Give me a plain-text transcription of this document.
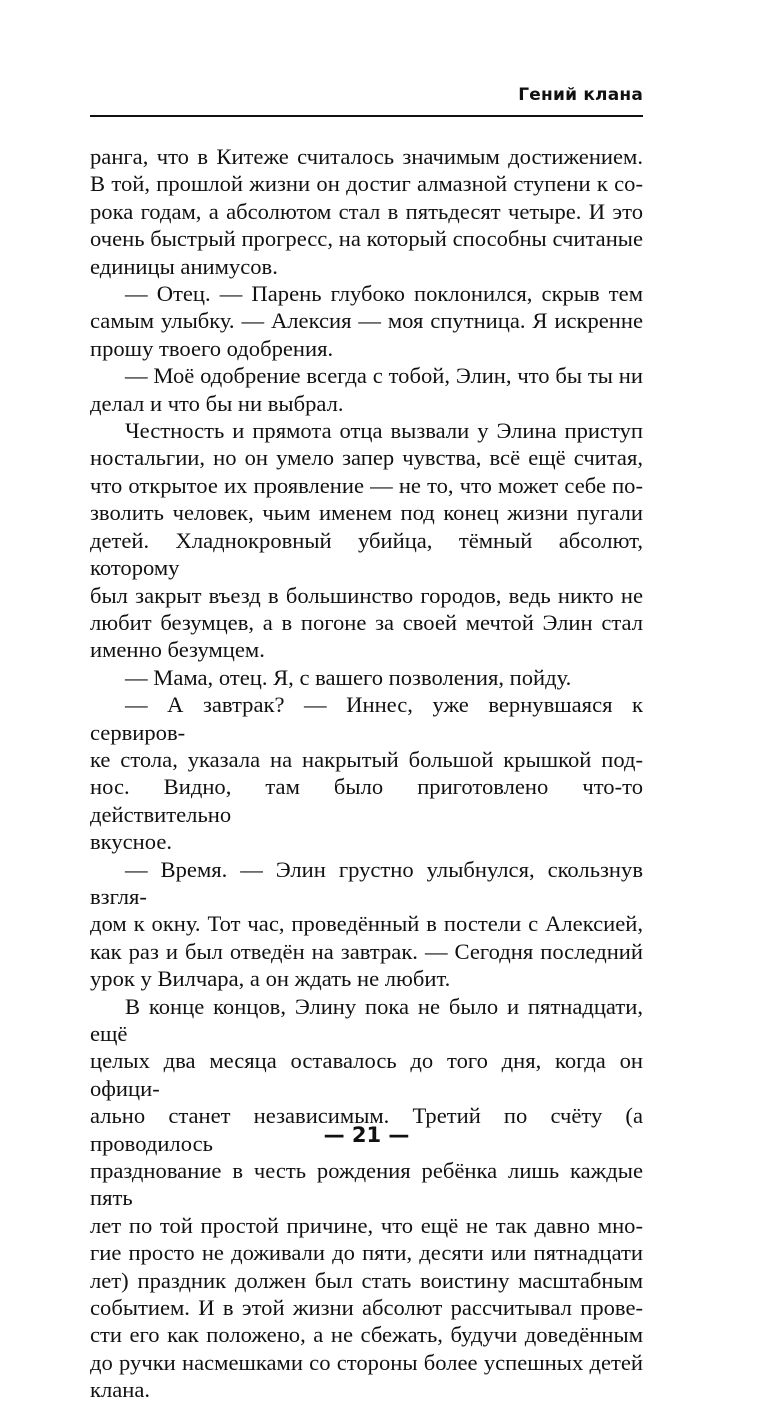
Гений клана

ранга, что в Китеже считалось значимым достижением.

В той, прошлой жизни он достиг алмазной ступени к со-

рока годам, а абсолютом стал в пятьдесят четыре. И это

очень быстрый прогресс, на который способны считаные

единицы анимусов.

— Отец. — Парень глубоко поклонился, скрыв тем

самым улыбку. — Алексия — моя спутница. Я искренне

прошу твоего одобрения.

— Моё одобрение всегда с тобой, Элин, что бы ты ни

делал и что бы ни выбрал.

Честность и прямота отца вызвали у Элина приступ

ностальгии, но он умело запер чувства, всё ещё считая,

что открытое их проявление — не то, что может себе по-

зволить человек, чьим именем под конец жизни пугали

детей. Хладнокровный убийца, тёмный абсолют, которому

был закрыт въезд в большинство городов, ведь никто не

любит безумцев, а в погоне за своей мечтой Элин стал

именно безумцем.

— Мама, отец. Я, с вашего позволения, пойду.

— А завтрак? — Иннес, уже вернувшаяся к сервиров-

ке стола, указала на накрытый большой крышкой под-

нос. Видно, там было приготовлено что-то действительно

вкусное.

— Время. — Элин грустно улыбнулся, скользнув взгля-

дом к окну. Тот час, проведённый в постели с Алексией,

как раз и был отведён на завтрак. — Сегодня последний

урок у Вилчара, а он ждать не любит.

В конце концов, Элину пока не было и пятнадцати, ещё

целых два месяца оставалось до того дня, когда он офици-

ально станет независимым. Третий по счёту (а проводилось

празднование в честь рождения ребёнка лишь каждые пять

лет по той простой причине, что ещё не так давно мно-

гие просто не доживали до пяти, десяти или пятнадцати

лет) праздник должен был стать воистину масштабным

событием. И в этой жизни абсолют рассчитывал прове-

сти его как положено, а не сбежать, будучи доведённым

до ручки насмешками со стороны более успешных детей

клана.

— 21 —
